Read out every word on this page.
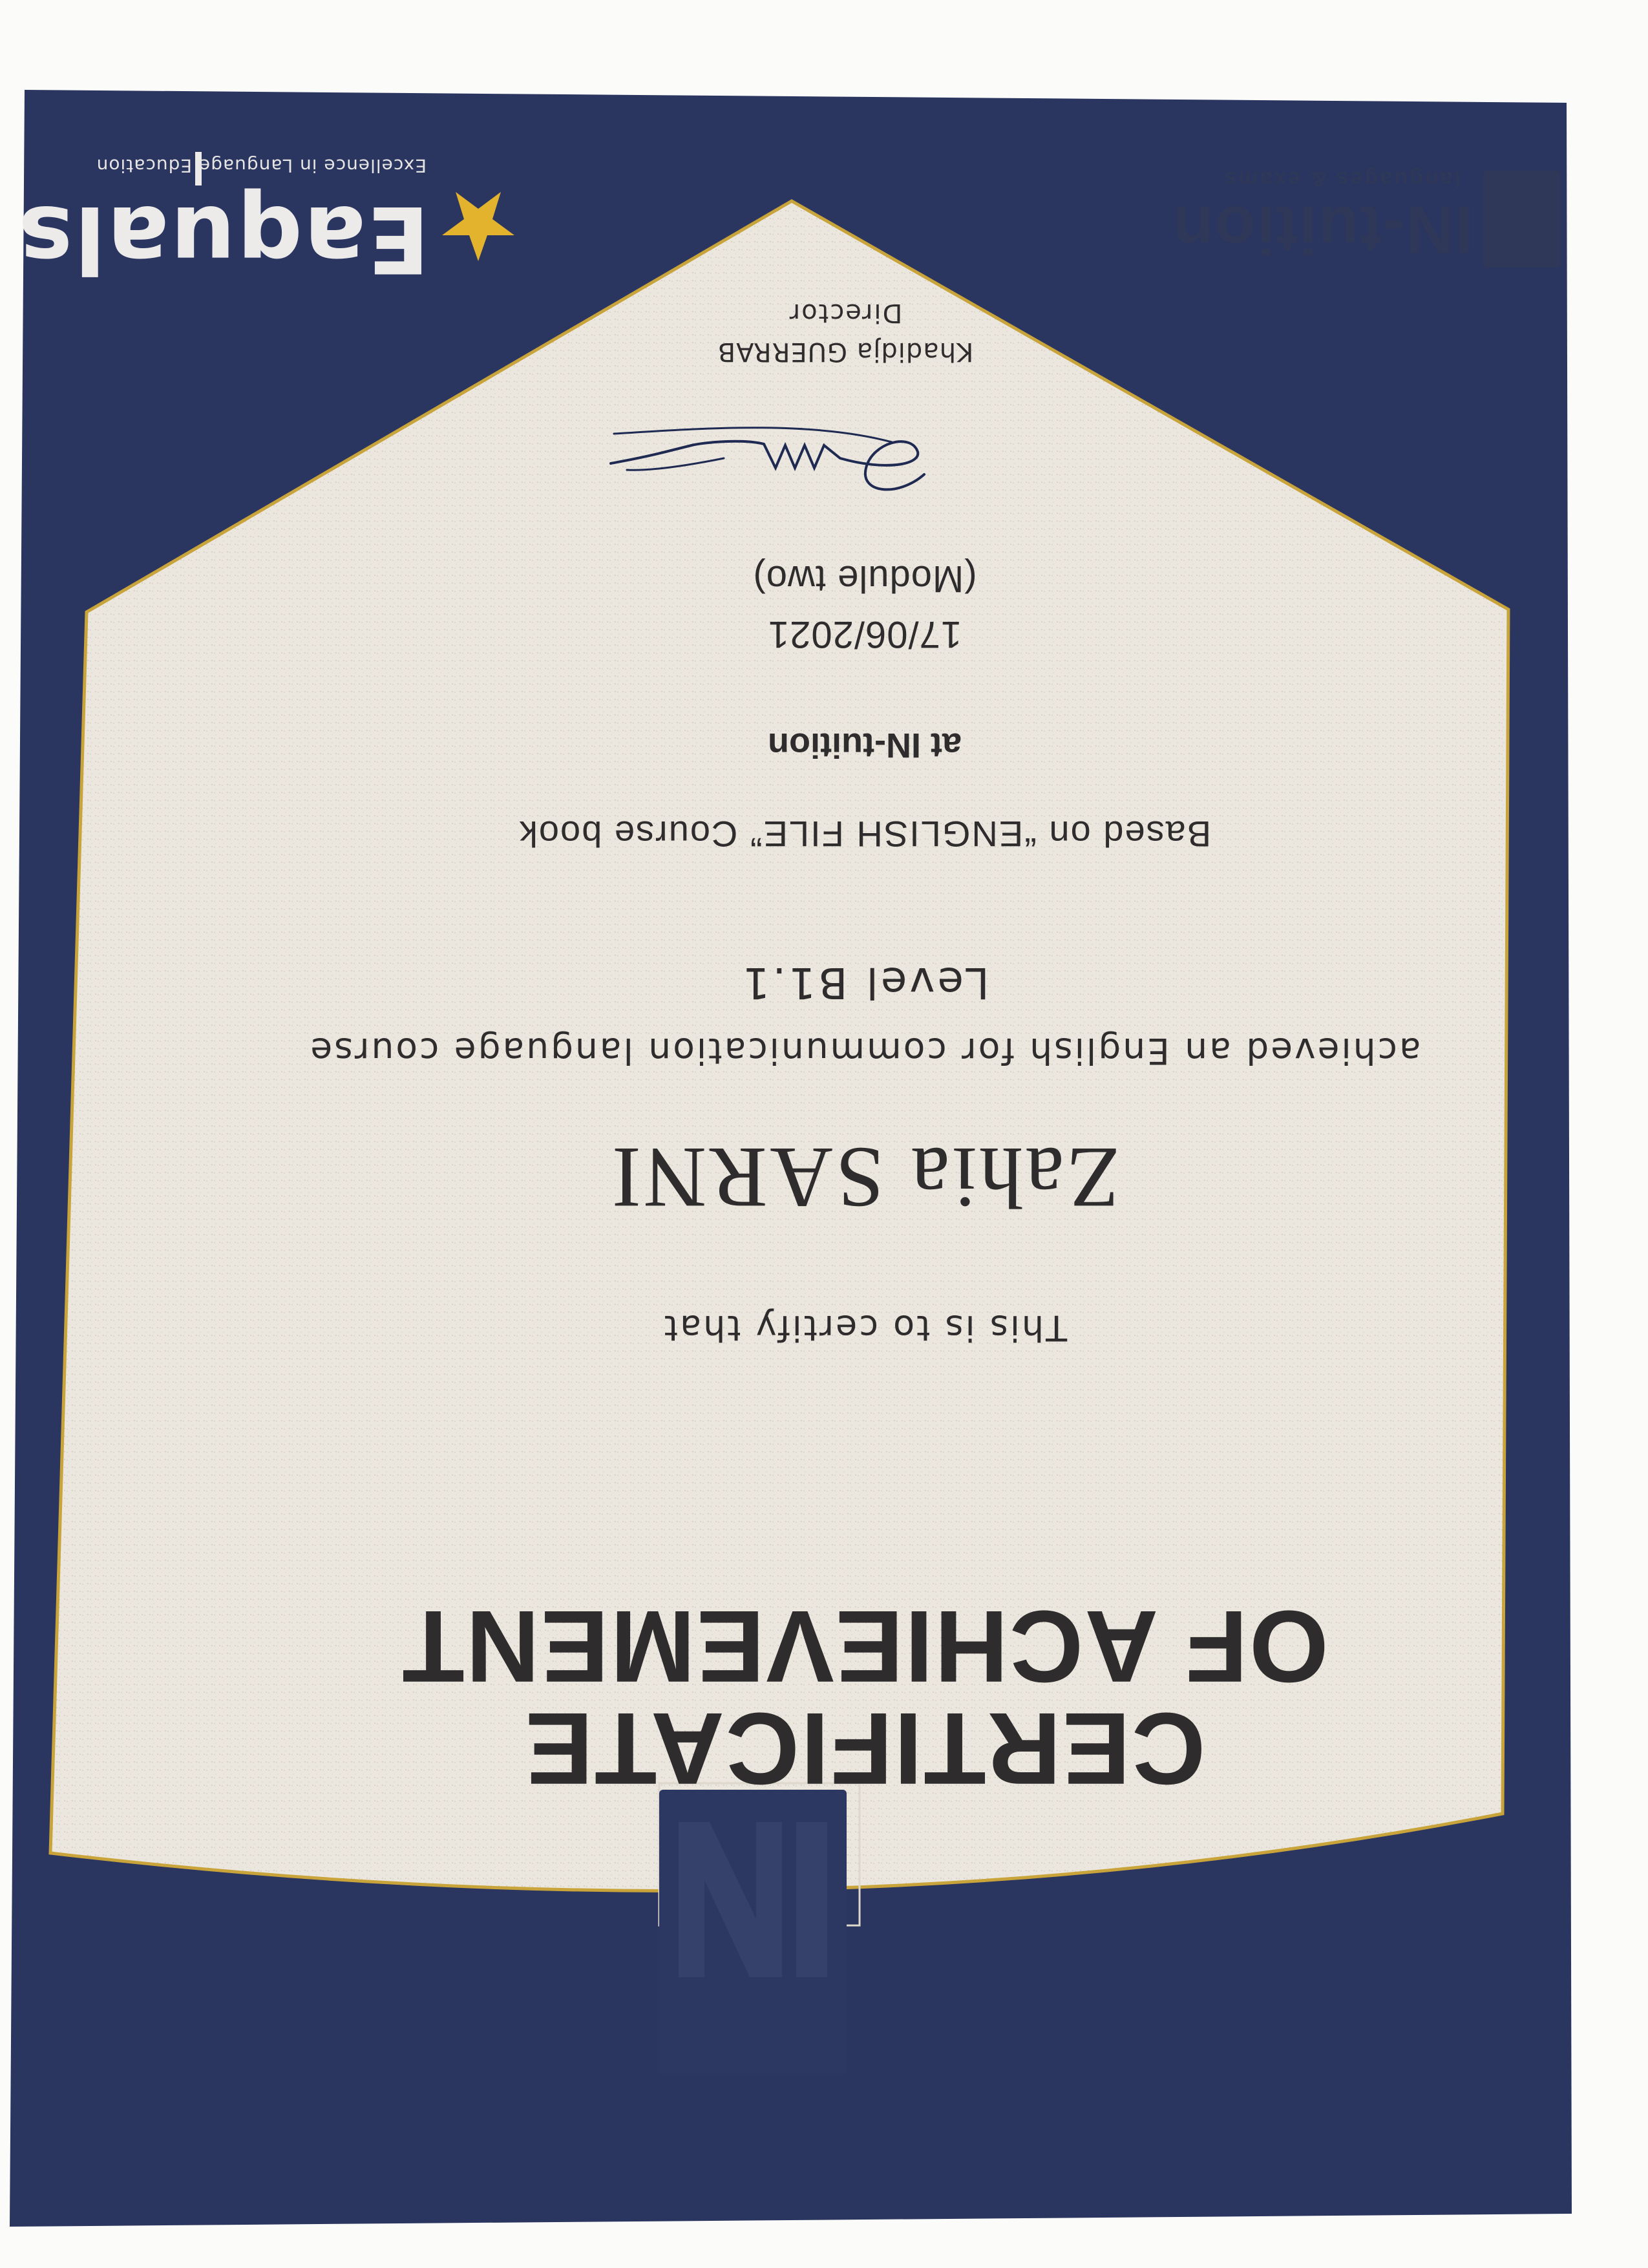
CERTIFICATE
OF ACHIEVEMENT
This is to certify that
Zahia SARNI
achieved an English for communication language course
Level B1.1
Based on “ENGLISH FILE” Course book
at IN-tuition
17/06/2021
(Module two)
Khadidja GUERRAB
Director
Eaquals
Excellence in Language Education
IN-tuition
languages & exams
